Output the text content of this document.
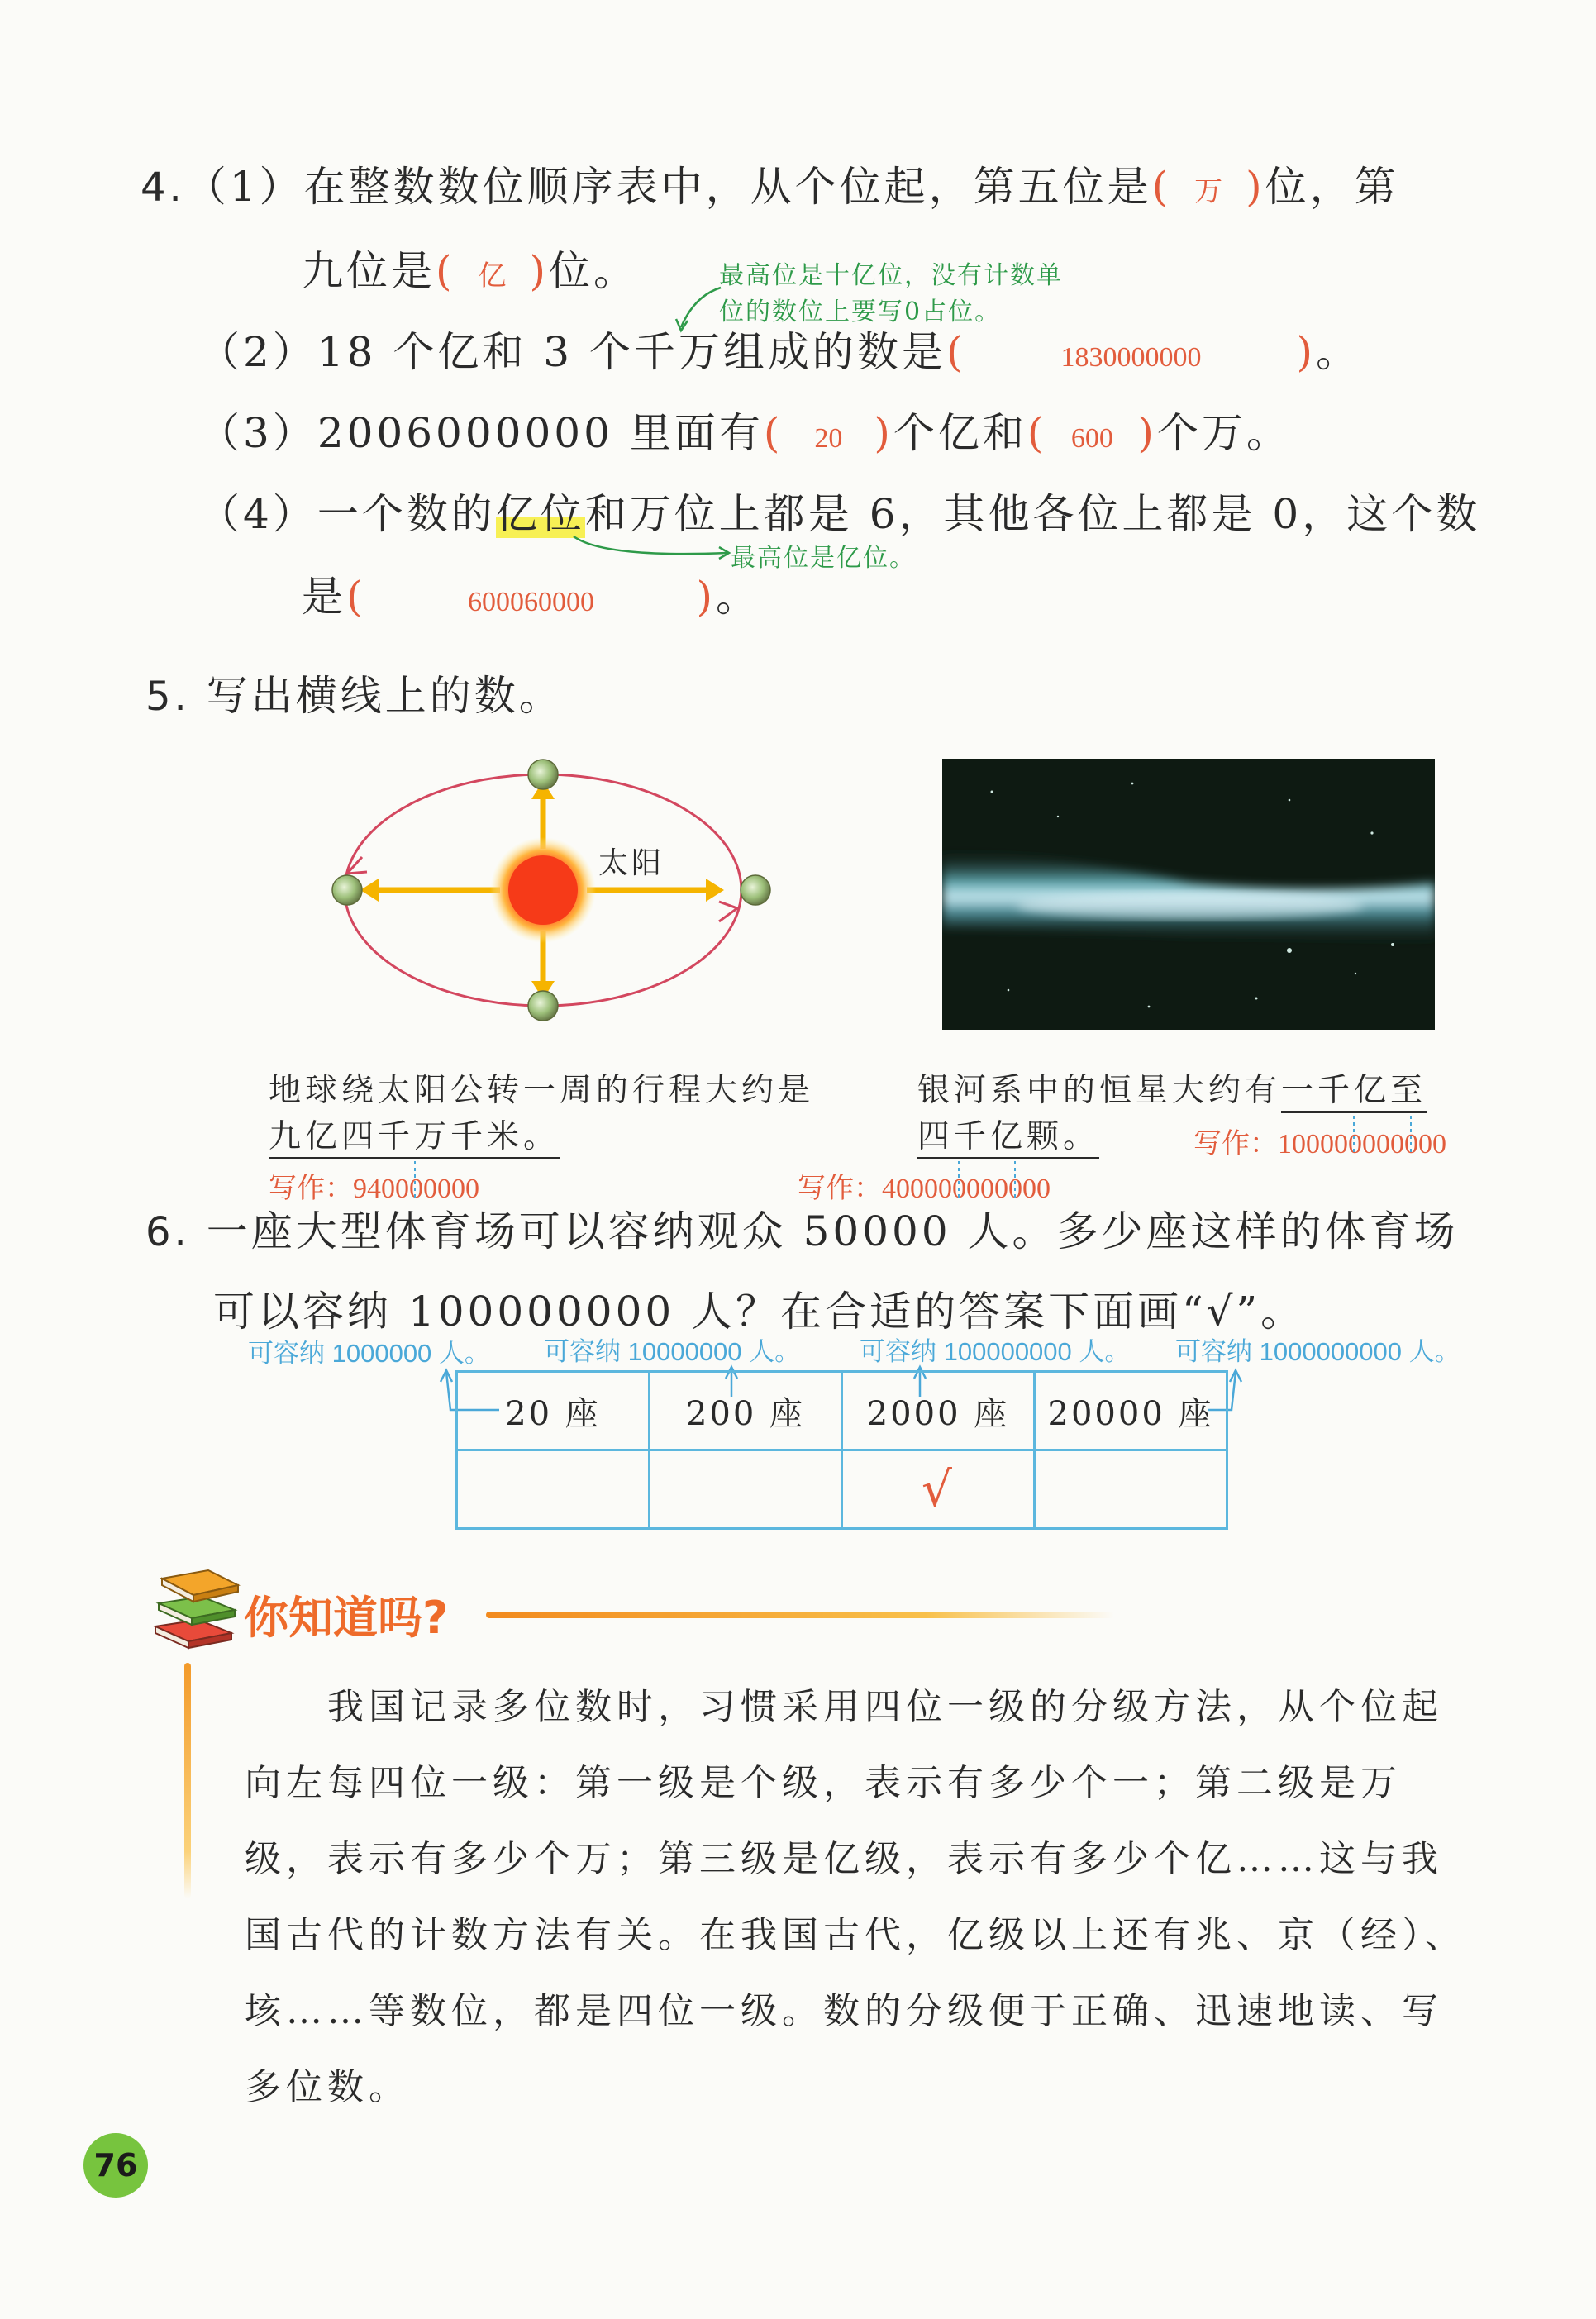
4.（1）在整数数位顺序表中，从个位起，第五位是( 万 )位，第
九位是( 亿 )位。	最高位是十亿位，没有计数单
位的数位上要写0占位。
（2）18 个亿和 3 个千万组成的数是(	1830000000 )。
（3）2006000000 里面有( 20 )个亿和( 600 )个万。
（4）一个数的亿位和万位上都是 6，其他各位上都是 0，这个数
最高位是亿位。
是(	600060000 )。
5. 写出横线上的数。
太阳
地球绕太阳公转一周的行程大约是
九亿四千万千米。
银河系中的恒星大约有一千亿至
四千亿颗。
写作：940000000	写作：400000000000
写作：100000000000
6. 一座大型体育场可以容纳观众 50000 人。多少座这样的体育场
可以容纳 100000000 人？在合适的答案下面画“√”。
可容纳 1000000 人。 可容纳 10000000 人。 可容纳 100000000 人。 可容纳 1000000000 人。
20 座	200 座	2000 座	20000 座
		√	
你知道吗?
我国记录多位数时，习惯采用四位一级的分级方法，从个位起向左每四位一级：第一级是个级，表示有多少个一；第二级是万级，表示有多少个万；第三级是亿级，表示有多少个亿……这与我国古代的计数方法有关。在我国古代，亿级以上还有兆、京（经）、垓……等数位，都是四位一级。数的分级便于正确、迅速地读、写多位数。
76
